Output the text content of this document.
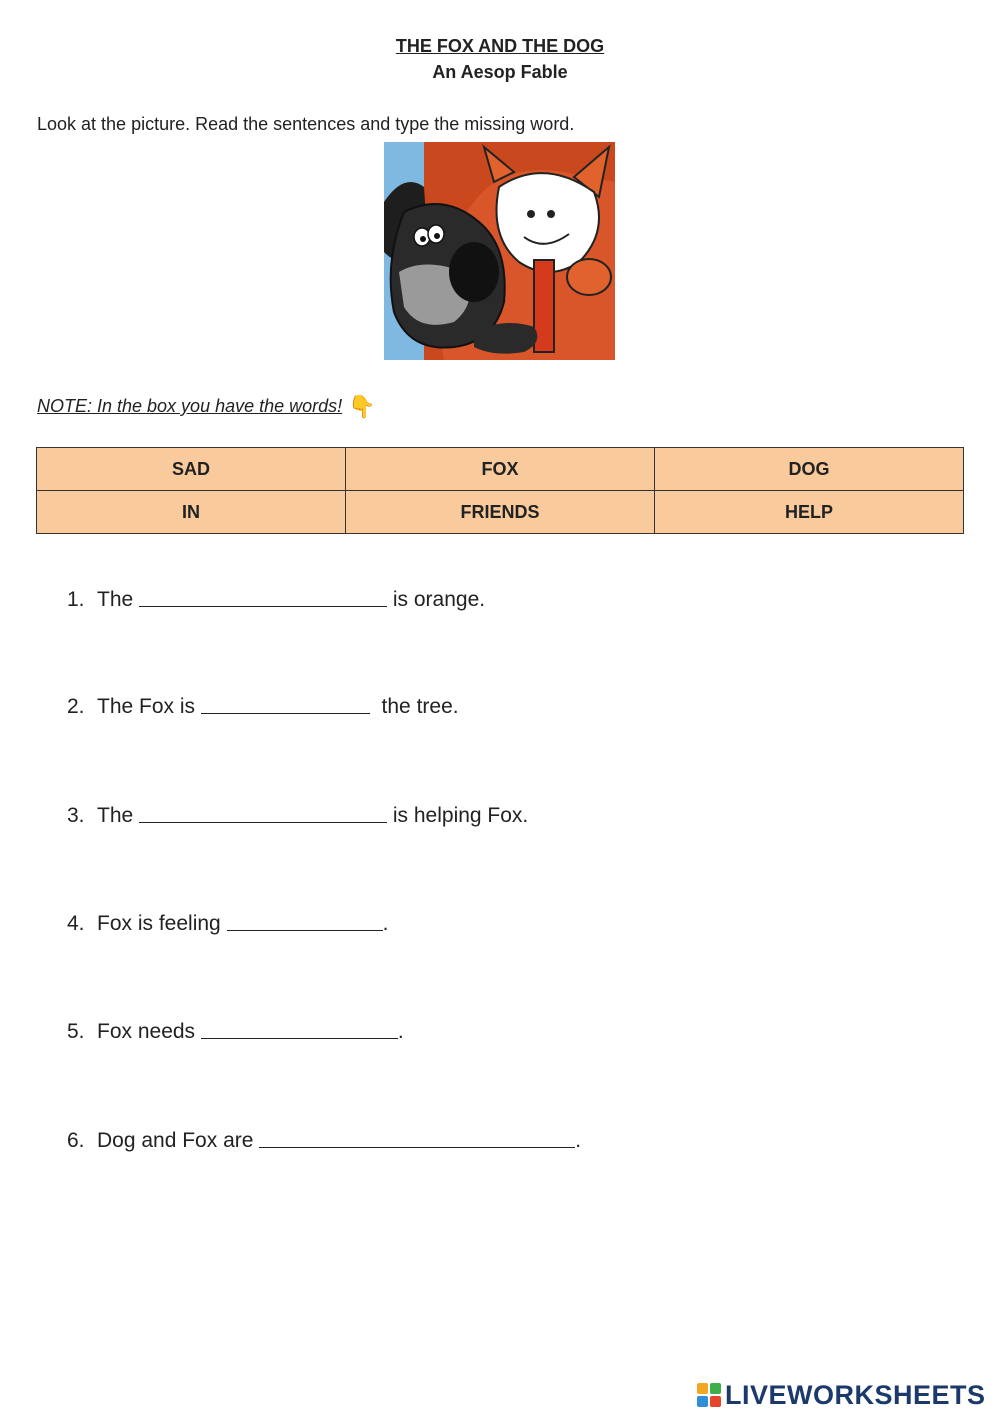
THE FOX AND THE DOG
An Aesop Fable
Look at the picture. Read the sentences and type the missing word.
NOTE: In the box you have the words! 👇
SAD	FOX	DOG
IN	FRIENDS	HELP
1. The	is orange.
2. The Fox is	the tree.
3. The	is helping Fox.
4. Fox is feeling	.
5. Fox needs	.
6. Dog and Fox are	.
LIVEWORKSHEETS
